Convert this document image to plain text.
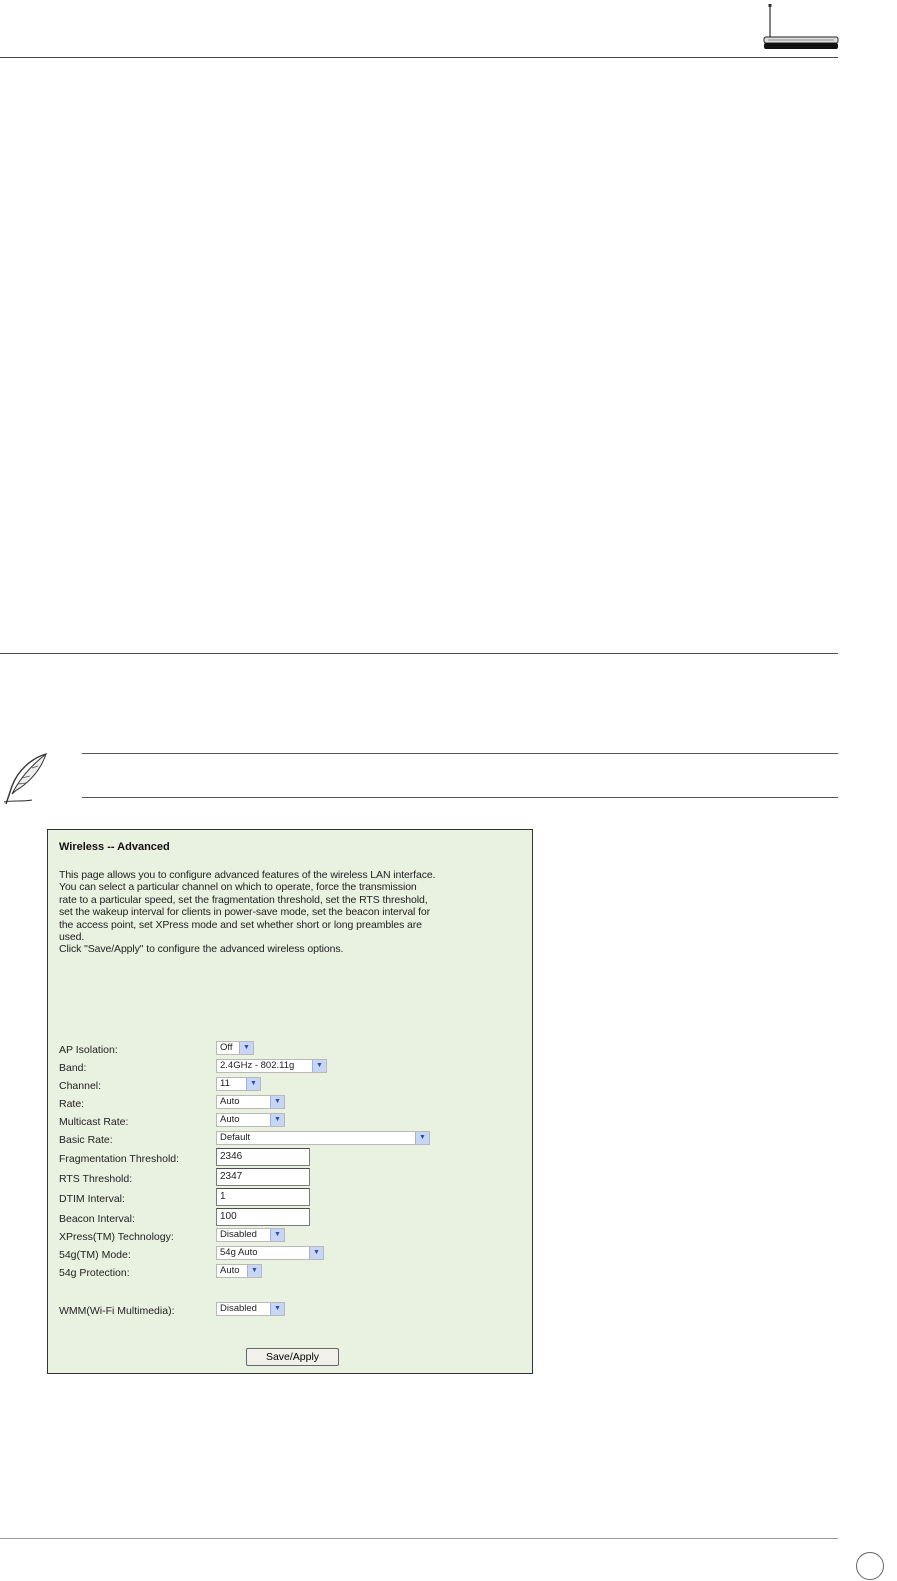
Wireless -- Advanced
This page allows you to configure advanced features of the wireless LAN interface.
You can select a particular channel on which to operate, force the transmission
rate to a particular speed, set the fragmentation threshold, set the RTS threshold,
set the wakeup interval for clients in power-save mode, set the beacon interval for
the access point, set XPress mode and set whether short or long preambles are
used.
Click "Save/Apply" to configure the advanced wireless options.
AP Isolation:	Off	▼
Band:	2.4GHz - 802.11g	▼
Channel:	11	▼
Rate:	Auto	▼
Multicast Rate:	Auto	▼
Basic Rate:	Default	▼
Fragmentation Threshold:	2346
RTS Threshold:	2347
DTIM Interval:	1
Beacon Interval:	100
XPress(TM) Technology:	Disabled	▼
54g(TM) Mode:	54g Auto	▼
54g Protection:	Auto	▼
WMM(Wi-Fi Multimedia):	Disabled	▼
Save/Apply
